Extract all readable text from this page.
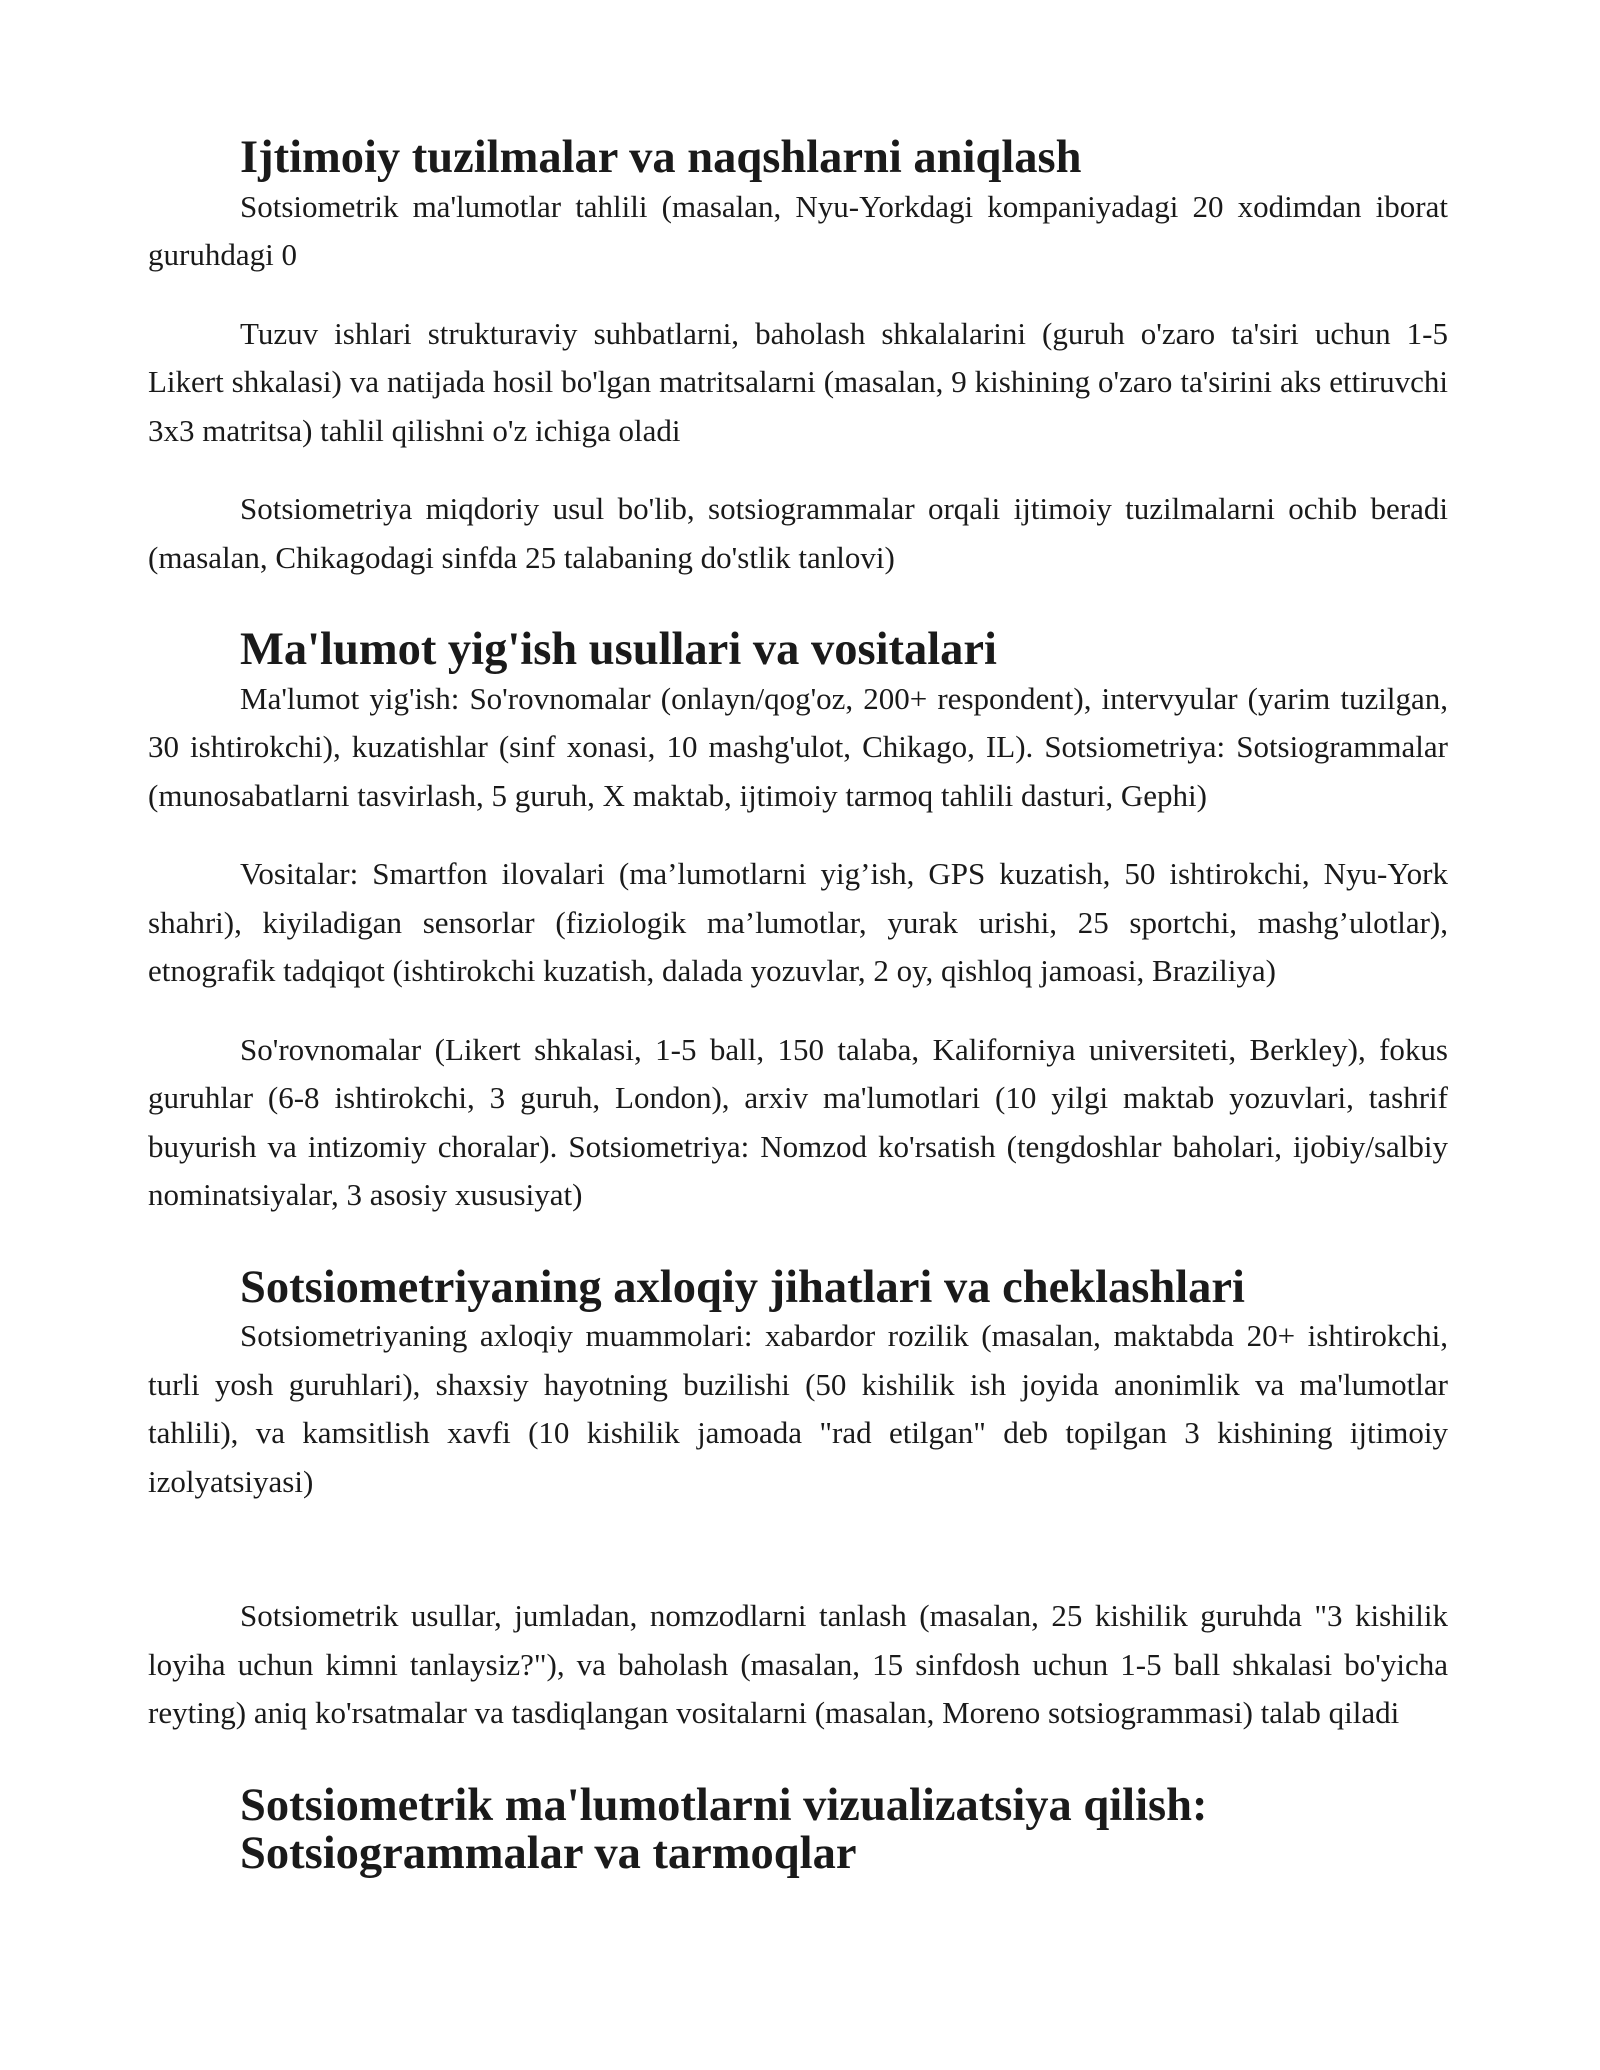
Ijtimoiy tuzilmalar va naqshlarni aniqlash

Sotsiometrik ma'lumotlar tahlili (masalan, Nyu-Yorkdagi kompaniyadagi 20 xodimdan iborat guruhdagi 0

Tuzuv ishlari strukturaviy suhbatlarni, baholash shkalalarini (guruh o'zaro ta'siri uchun 1-5 Likert shkalasi) va natijada hosil bo'lgan matritsalarni (masalan, 9 kishining o'zaro ta'sirini aks ettiruvchi 3x3 matritsa) tahlil qilishni o'z ichiga oladi

Sotsiometriya miqdoriy usul bo'lib, sotsiogrammalar orqali ijtimoiy tuzilmalarni ochib beradi (masalan, Chikagodagi sinfda 25 talabaning do'stlik tanlovi)

Ma'lumot yig'ish usullari va vositalari

Ma'lumot yig'ish: So'rovnomalar (onlayn/qog'oz, 200+ respondent), intervyular (yarim tuzilgan, 30 ishtirokchi), kuzatishlar (sinf xonasi, 10 mashg'ulot, Chikago, IL). Sotsiometriya: Sotsiogrammalar (munosabatlarni tasvirlash, 5 guruh, X maktab, ijtimoiy tarmoq tahlili dasturi, Gephi)

Vositalar: Smartfon ilovalari (ma’lumotlarni yig’ish, GPS kuzatish, 50 ishtirokchi, Nyu-York shahri), kiyiladigan sensorlar (fiziologik ma’lumotlar, yurak urishi, 25 sportchi, mashg’ulotlar), etnografik tadqiqot (ishtirokchi kuzatish, dalada yozuvlar, 2 oy, qishloq jamoasi, Braziliya)

So'rovnomalar (Likert shkalasi, 1-5 ball, 150 talaba, Kaliforniya universiteti, Berkley), fokus guruhlar (6-8 ishtirokchi, 3 guruh, London), arxiv ma'lumotlari (10 yilgi maktab yozuvlari, tashrif buyurish va intizomiy choralar). Sotsiometriya: Nomzod ko'rsatish (tengdoshlar baholari, ijobiy/salbiy nominatsiyalar, 3 asosiy xususiyat)

Sotsiometriyaning axloqiy jihatlari va cheklashlari

Sotsiometriyaning axloqiy muammolari: xabardor rozilik (masalan, maktabda 20+ ishtirokchi, turli yosh guruhlari), shaxsiy hayotning buzilishi (50 kishilik ish joyida anonimlik va ma'lumotlar tahlili), va kamsitlish xavfi (10 kishilik jamoada "rad etilgan" deb topilgan 3 kishining ijtimoiy izolyatsiyasi)

Sotsiometrik usullar, jumladan, nomzodlarni tanlash (masalan, 25 kishilik guruhda "3 kishilik loyiha uchun kimni tanlaysiz?"), va baholash (masalan, 15 sinfdosh uchun 1-5 ball shkalasi bo'yicha reyting) aniq ko'rsatmalar va tasdiqlangan vositalarni (masalan, Moreno sotsiogrammasi) talab qiladi

Sotsiometrik ma'lumotlarni vizualizatsiya qilish: Sotsiogrammalar va tarmoqlar
